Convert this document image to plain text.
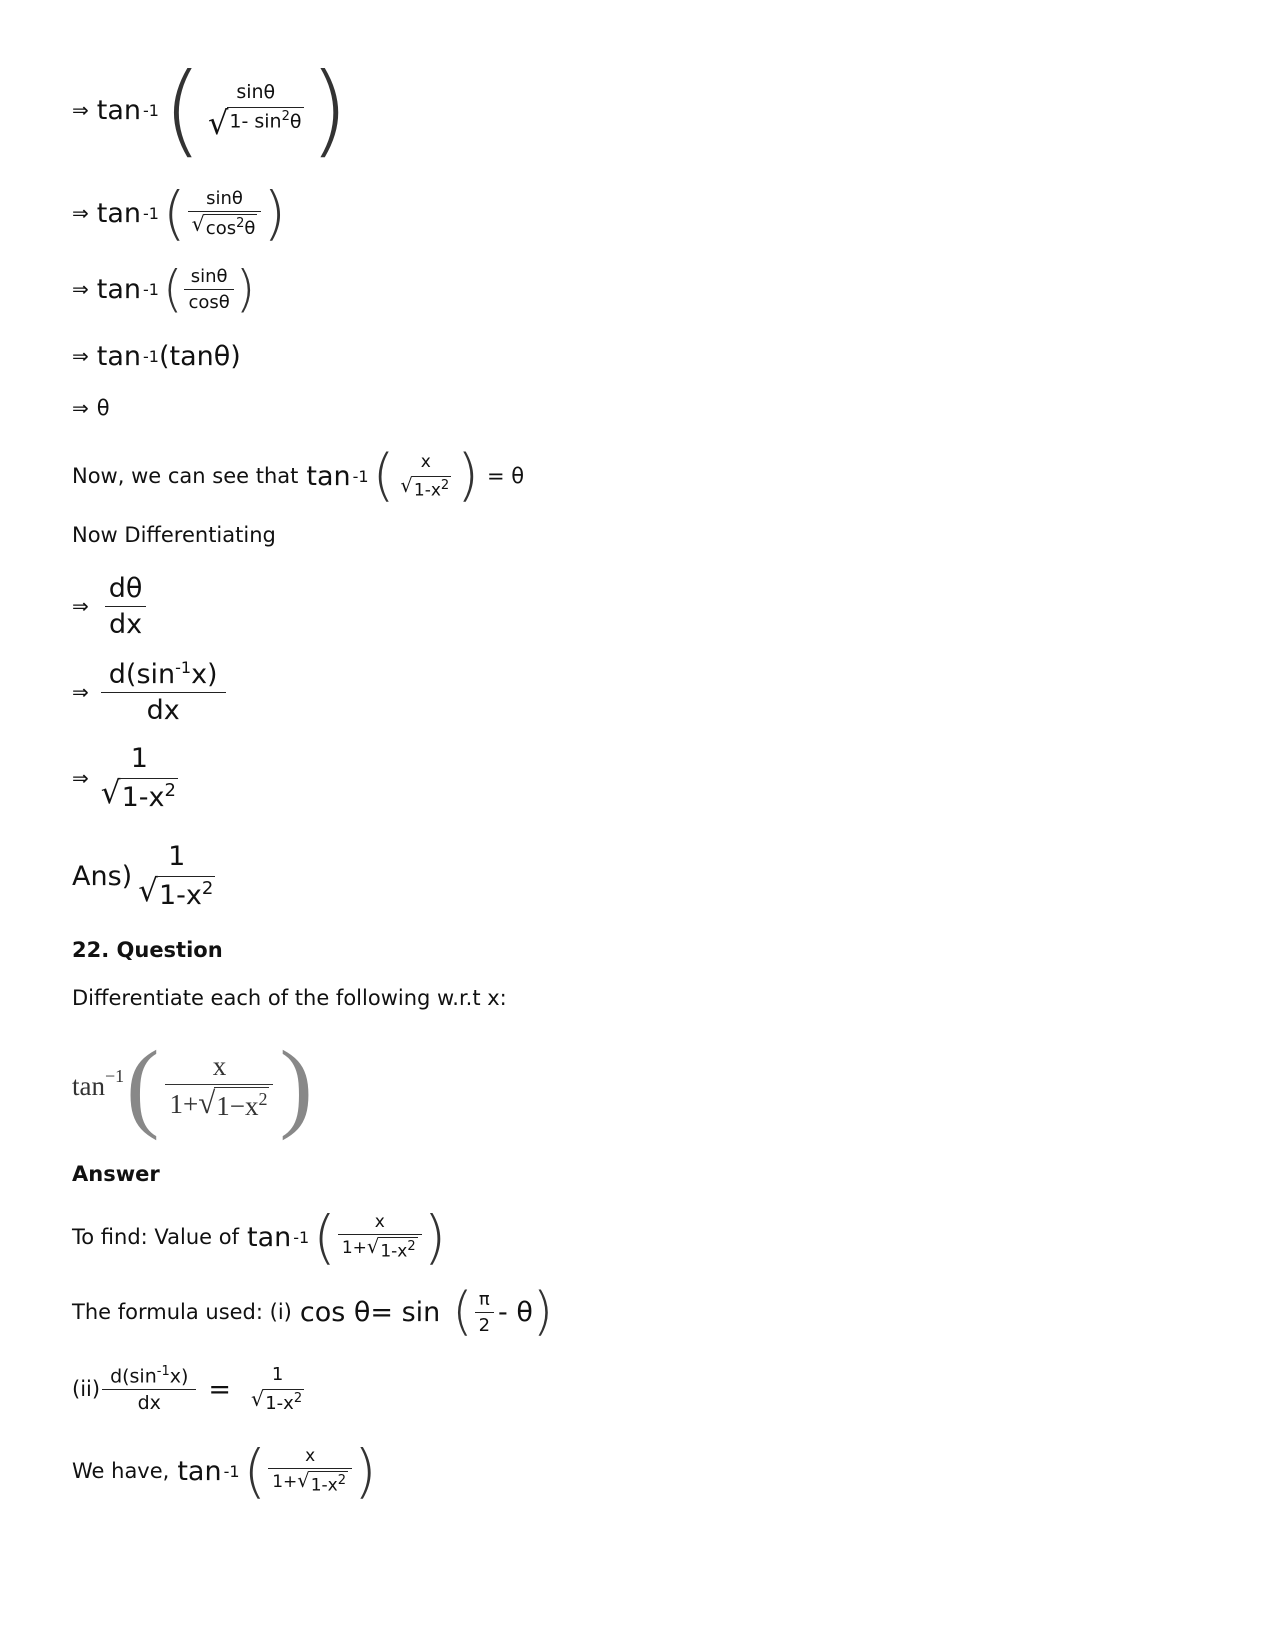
⇒ tan -1 ( sinθ
√ 1- $\sin^2\theta$ )
⇒ tan -1 ( $\frac{\sin\theta}{√ \cos^2\theta}$ )
⇒ tan -1 ( $\frac{\sin\theta}{\cos\theta}$ )
⇒ tan -1 (tanθ)
⇒ θ
Now, we can see that tan -1 ( x
√ $1-x^2$ ) = θ
Now Differentiating
⇒ $\frac{d\theta}{dx}$
⇒ $\frac{d(\sin^{-1}x)}{dx}$
⇒
1
√ $1-x^2$
Ans)
1
√ $1-x^2$
22. Question
Differentiate each of the following w.r.t x:
tan −1 ( $\frac{x}{1+ √ 1-x^2}$ )
Answer
To find: Value of tan -1 ( $\frac{x}{1+ √ 1-x^2}$ )
The formula used: (i) cos θ= sin ( $\frac{\pi}{2}$ - θ )
$(ii) \frac{d(\sin^{-1}x)}{dx} = 1$
√ $1-x^2$
We have, tan -1 ( $\frac{x}{1+ √ 1-x^2}$ )
